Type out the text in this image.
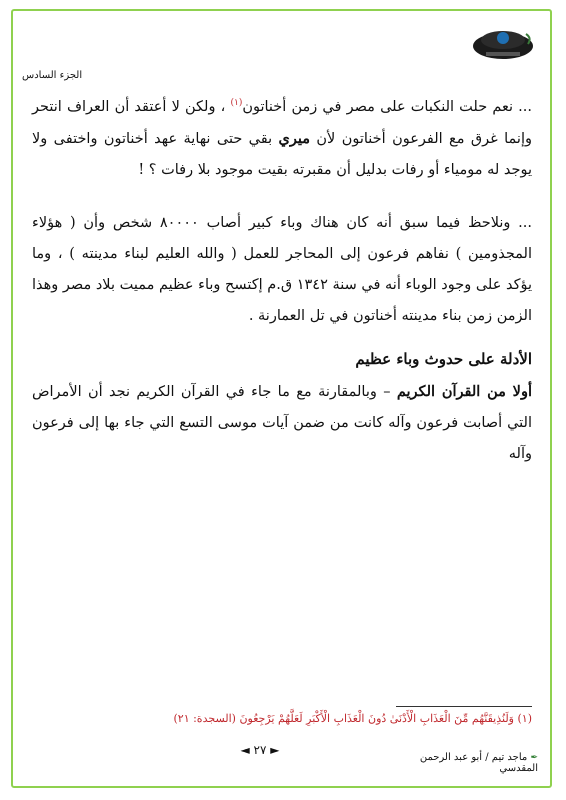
الجزء السادس

... نعم حلت النكبات على مصر في زمن أخناتون$^{(١)}$ ، ولكن لا أعتقد أن العراف انتحر وإنما غرق مع الفرعون أخناتون لأن ميري بقي حتى نهاية عهد أخناتون واختفى ولا يوجد له مومياء أو رفات بدليل أن مقبرته بقيت موجود بلا رفات ؟ !

... ونلاحظ فيما سبق أنه كان هناك وباء كبير أصاب ٨٠٠٠٠ شخص وأن ( هؤلاء المجذومين ) نفاهم فرعون إلى المحاجر للعمل ( والله العليم لبناء مدينته ) ، وما يؤكد على وجود الوباء أنه في سنة ١٣٤٢ ق.م إكتسح وباء عظيم مميت بلاد مصر وهذا الزمن زمن بناء مدينته أخناتون في تل العمارنة .

الأدلة على حدوث وباء عظيم

أولا من القرآن الكريم – وبالمقارنة مع ما جاء في القرآن الكريم نجد أن الأمراض التي أصابت فرعون وآله كانت من ضمن آيات موسى التسع التي جاء بها إلى فرعون وآله

(١) وَلَنُذِيقَنَّهُم مِّنَ الْعَذَابِ الْأَدْنَىٰ دُونَ الْعَذَابِ الْأَكْبَرِ لَعَلَّهُمْ يَرْجِعُونَ (السجدة: ٢١)
◄ ٢٧ ►
✒ ماجد تيم / أبو عبد الرحمن المقدسي
